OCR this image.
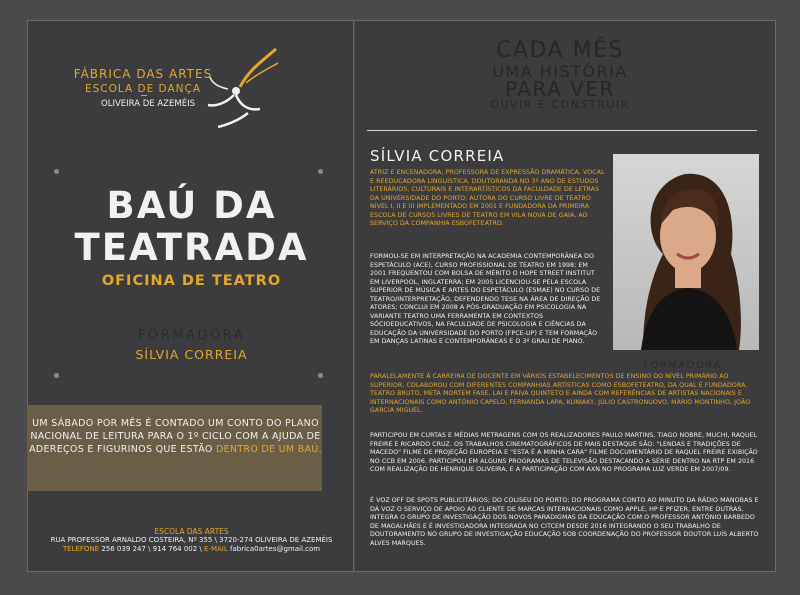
FÁBRICA DAS ARTES
ESCOLA DE DANÇA
OLIVEIRA DE AZEMÉIS
BAÚ DA
TEATRADA
OFICINA DE TEATRO
FORMADORA
SÍLVIA CORREIA
UM SÁBADO POR MÊS É CONTADO UM CONTO DO PLANO NACIONAL DE LEITURA PARA O 1º CICLO COM A AJUDA DE ADEREÇOS E FIGURINOS QUE ESTÃO DENTRO DE UM BAÚ.
ESCOLA DAS ARTES
RUA PROFESSOR ARNALDO COSTEIRA, Nº 355 \ 3720-274 OLIVEIRA DE AZEMÉIS
TELEFONE 256 039 247 \ 914 764 002 \ E-MAIL fabrica0artes@gmail.com
CADA MÊS
UMA HISTÓRIA
PARA VER
OUVIR E CONSTRUIR
SÍLVIA CORREIA
FORMADORA
ATRIZ E ENCENADORA; PROFESSORA DE EXPRESSÃO DRAMÁTICA, VOCAL E REEDUCADORA LINGUÍSTICA. DOUTORANDA NO 3º ANO DE ESTUDOS LITERÁRIOS, CULTURAIS E INTERARTÍSTICOS DA FACULDADE DE LETRAS DA UNIVERSIDADE DO PORTO; AUTORA DO CURSO LIVRE DE TEATRO NÍVEL I, II E III IMPLEMENTADO EM 2001 E FUNDADORA DA PRIMEIRA ESCOLA DE CURSOS LIVRES DE TEATRO EM VILA NOVA DE GAIA, AO SERVIÇO DA COMPANHIA ESBOFETEATRO.
FORMOU-SE EM INTERPRETAÇÃO NA ACADEMIA CONTEMPORÂNEA DO ESPETÁCULO (ACE), CURSO PROFISSIONAL DE TEATRO EM 1998; EM 2001 FREQUENTOU COM BOLSA DE MÉRITO O HOPE STREET INSTITUT EM LIVERPOOL, INGLATERRA; EM 2005 LICENCIOU-SE PELA ESCOLA SUPERIOR DE MÚSICA E ARTES DO ESPETÁCULO (ESMAE) NO CURSO DE TEATRO/INTERPRETAÇÃO, DEFENDENDO TESE NA ÁREA DE DIREÇÃO DE ATORES; CONCLUI EM 2008 A PÓS-GRADUAÇÃO EM PSICOLOGIA NA VARIANTE TEATRO UMA FERRAMENTA EM CONTEXTOS SÓCIOEDUCATIVOS, NA FACULDADE DE PSICOLOGIA E CIÊNCIAS DA EDUCAÇÃO DA UNIVERSIDADE DO PORTO (FPCE-UP) E TEM FORMAÇÃO EM DANÇAS LATINAS E CONTEMPORÂNEAS E O 3º GRAU DE PIANO.
PARALELAMENTE À CARREIRA DE DOCENTE EM VÁRIOS ESTABELECIMENTOS DE ENSINO DO NÍVEL PRIMÁRIO AO SUPERIOR, COLABOROU COM DIFERENTES COMPANHIAS ARTÍSTICAS COMO ESBOFETEATRO, DA QUAL É FUNDADORA, TEATRO BRUTO, META MORTEM FASE, LAI E PAIVA QUINTETO E AINDA COM REFERÊNCIAS DE ARTISTAS NACIONAIS E INTERNACIONAIS COMO ANTÓNIO CAPELO, FERNANDA LAPA, KUNIAKY, JÚLIO CASTRONUOVO, MÁRIO MONTINHO, JOÃO GARCIA MIGUEL.
PARTICIPOU EM CURTAS E MÉDIAS METRAGENS COM OS REALIZADORES PAULO MARTINS, TIAGO NOBRE, MUCHI, RAQUEL FREIRE E RICARDO CRUZ. OS TRABALHOS CINEMATOGRÁFICOS DE MAIS DESTAQUE SÃO: "LENDAS E TRADIÇÕES DE MACEDO" FILME DE PROJEÇÃO EUROPEIA E "ESTA É A MINHA CARA" FILME DOCUMENTÁRIO DE RAQUEL FREIRE EXIBIÇÃO NO CCB EM 2006. PARTICIPOU EM ALGUNS PROGRAMAS DE TELEVISÃO DESTACANDO A SÉRIE DENTRO NA RTP EM 2016 COM REALIZAÇÃO DE HENRIQUE OLIVEIRA, E A PARTICIPAÇÃO COM AXN NO PROGRAMA LUZ VERDE EM 2007/09.
É VOZ OFF DE SPOTS PUBLICITÁRIOS; DO COLISEU DO PORTO; DO PROGRAMA CONTO AO MINUTO DA RÁDIO MANOBAS E DÁ VOZ O SERVIÇO DE APOIO AO CLIENTE DE MARCAS INTERNACIONAIS COMO APPLE, HP E PFIZER, ENTRE OUTRAS. INTEGRA O GRUPO DE INVESTIGAÇÃO DOS NOVOS PARADIGMAS DA EDUCAÇÃO COM O PROFESSOR ANTÓNIO BARBEDO DE MAGALHÃES E É INVESTIGADORA INTEGRADA NO CITCEM DESDE 2016 INTEGRANDO O SEU TRABALHO DE DOUTORAMENTO NO GRUPO DE INVESTIGAÇÃO EDUCAÇÃO SOB COORDENAÇÃO DO PROFESSOR DOUTOR LUÍS ALBERTO ALVES MARQUES.
